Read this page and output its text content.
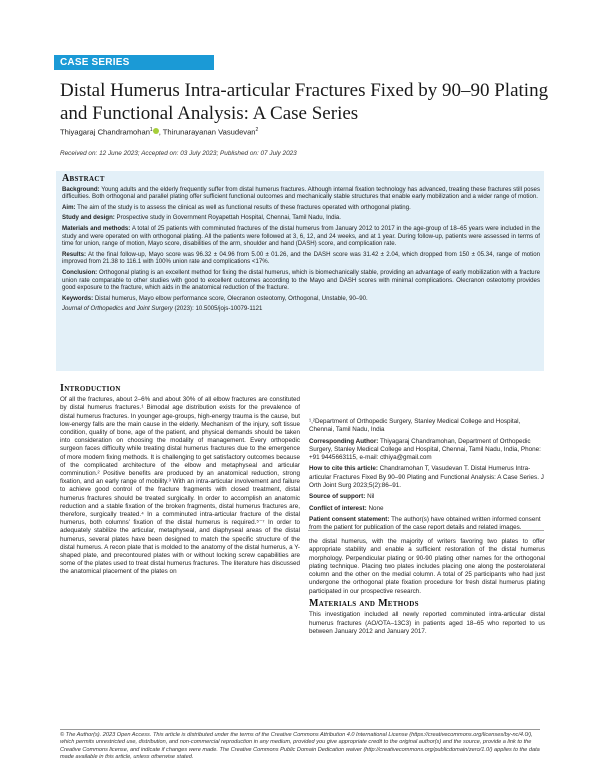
CASE SERIES
Distal Humerus Intra-articular Fractures Fixed by 90–90 Plating and Functional Analysis: A Case Series
Thiyagaraj Chandramohan$^1$ , Thirunarayanan Vasudevan$^2$
Received on: 12 June 2023; Accepted on: 03 July 2023; Published on: 07 July 2023
Abstract

Background: Young adults and the elderly frequently suffer from distal humerus fractures. Although internal fixation technology has advanced, treating these fractures still poses difficulties. Both orthogonal and parallel plating offer sufficient functional outcomes and mechanically stable structures that enable early mobilization and a wider range of motion.

Aim: The aim of the study is to assess the clinical as well as functional results of these fractures operated with orthogonal plating.

Study and design: Prospective study in Government Royapettah Hospital, Chennai, Tamil Nadu, India.

Materials and methods: A total of 25 patients with comminuted fractures of the distal humerus from January 2012 to 2017 in the age-group of 18–65 years were included in the study and were operated on with orthogonal plating. All the patients were followed at 3, 6, 12, and 24 weeks, and at 1 year. During follow-up, patients were assessed in terms of time for union, range of motion, Mayo score, disabilities of the arm, shoulder and hand (DASH) score, and complication rate.

Results: At the final follow-up, Mayo score was 96.32 ± 04.96 from 5.00 ± 01.26, and the DASH score was 31.42 ± 2.04, which dropped from 150 ± 05.34, range of motion improved from 21.38 to 116.1 with 100% union rate and complications <17%.

Conclusion: Orthogonal plating is an excellent method for fixing the distal humerus, which is biomechanically stable, providing an advantage of early mobilization with a fracture union rate comparable to other studies with good to excellent outcomes according to the Mayo and DASH scores with minimal complications. Olecranon osteotomy provides good exposure to the fracture, which aids in the anatomical reduction of the fracture.

Keywords: Distal humerus, Mayo elbow performance score, Olecranon osteotomy, Orthogonal, Unstable, 90–90.

Journal of Orthopedics and Joint Surgery (2023): 10.5005/jojs-10079-1121

Introduction

Of all the fractures, about 2–6% and about 30% of all elbow fractures are constituted by distal humerus fractures.¹ Bimodal age distribution exists for the prevalence of distal humerus fractures. In younger age-groups, high-energy trauma is the cause, but low-energy falls are the main cause in the elderly. Mechanism of the injury, soft tissue condition, quality of bone, age of the patient, and physical demands should be taken into consideration on choosing the modality of management. Every orthopedic surgeon faces difficulty while treating distal humerus fractures due to the emergence of more modern fixing methods. It is challenging to get satisfactory outcomes because of the complicated architecture of the elbow and metaphyseal and articular comminution.² Positive benefits are produced by an anatomical reduction, strong fixation, and an early range of mobility.³ With an intra-articular involvement and failure to achieve good control of the fracture fragments with closed treatment, distal humerus fractures should be treated surgically. In order to accomplish an anatomic reduction and a stable fixation of the broken fragments, distal humerus fractures are, therefore, surgically treated.⁴ In a comminuted intra-articular fracture of the distal humerus, both columns' fixation of the distal humerus is required.⁵⁻⁷ In order to adequately stabilize the articular, metaphyseal, and diaphyseal areas of the distal humerus, several plates have been designed to match the specific structure of the distal humerus. A recon plate that is molded to the anatomy of the distal humerus, a Y-shaped plate, and precontoured plates with or without locking screw capabilities are some of the plates used to treat distal humerus fractures. The literature has discussed the anatomical placement of the plates on

¹,²Department of Orthopedic Surgery, Stanley Medical College and Hospital, Chennai, Tamil Nadu, India

Corresponding Author: Thiyagaraj Chandramohan, Department of Orthopedic Surgery, Stanley Medical College and Hospital, Chennai, Tamil Nadu, India, Phone: +91 9445663115, e-mail: cthiya@gmail.com

How to cite this article: Chandramohan T, Vasudevan T. Distal Humerus Intra-articular Fractures Fixed By 90–90 Plating and Functional Analysis: A Case Series. J Orth Joint Surg 2023;5(2):86–91.

Source of support: Nil

Conflict of interest: None

Patient consent statement: The author(s) have obtained written informed consent from the patient for publication of the case report details and related images.

the distal humerus, with the majority of writers favoring two plates to offer appropriate stability and enable a sufficient restoration of the distal humerus morphology. Perpendicular plating or 90-90 plating other names for the orthogonal plating technique. Placing two plates includes placing one along the posterolateral column and the other on the medial column. A total of 25 participants who had just undergone the orthogonal plate fixation procedure for fresh distal humerus plating participated in our prospective research.

Materials and Methods

This investigation included all newly reported comminuted intra-articular distal humerus fractures (AO/OTA–13C3) in patients aged 18–65 who reported to us between January 2012 and January 2017.

© The Author(s). 2023 Open Access. This article is distributed under the terms of the Creative Commons Attribution 4.0 International License (https://creativecommons.org/licenses/by-nc/4.0/), which permits unrestricted use, distribution, and non-commercial reproduction in any medium, provided you give appropriate credit to the original author(s) and the source, provide a link to the Creative Commons license, and indicate if changes were made. The Creative Commons Public Domain Dedication waiver (http://creativecommons.org/publicdomain/zero/1.0/) applies to the data made available in this article, unless otherwise stated.
